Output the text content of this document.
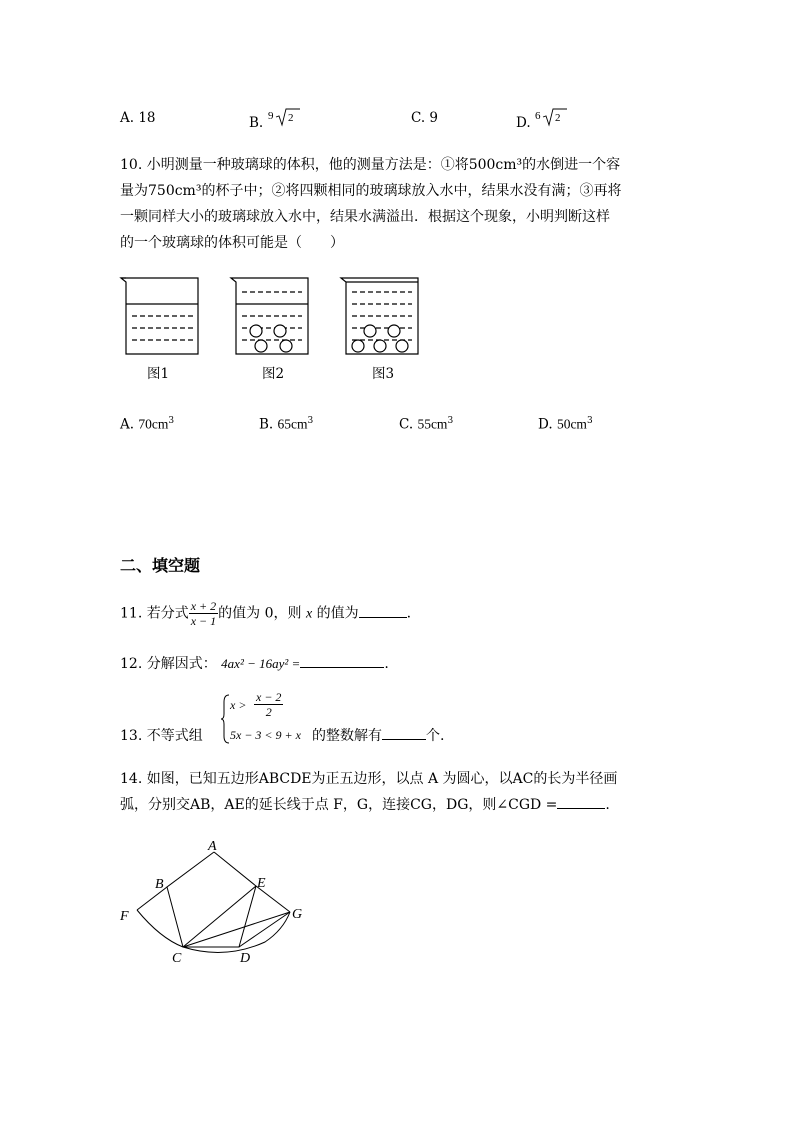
A. 18	B. 9 2	C. 9	D. 6 2
10. 小明测量一种玻璃球的体积，他的测量方法是：①将500cm³的水倒进一个容
量为750cm³的杯子中；②将四颗相同的玻璃球放入水中，结果水没有满；③再将
一颗同样大小的玻璃球放入水中，结果水满溢出．根据这个现象，小明判断这样
的一个玻璃球的体积可能是（　　）
图1	图2	图3
A. $70cm^3$	B. $65cm^3$	C. $55cm^3$	D. $50cm^3$
二、填空题
11. 若分式 $\frac{x + 2}{x - 1}$ 的值为 0，则 x 的值为	.
12. 分解因式： 4ax² − 16ay² =	.
$x > \frac{x - 2}{2}$
5x − 3 < 9 + x
13. 不等式组	的整数解有	个.
14. 如图，已知五边形ABCDE为正五边形，以点 A 为圆心，以AC的长为半径画
弧，分别交AB，AE的延长线于点 F，G，连接CG，DG，则∠CGD =	.
A
B
C	D
E
F	G
